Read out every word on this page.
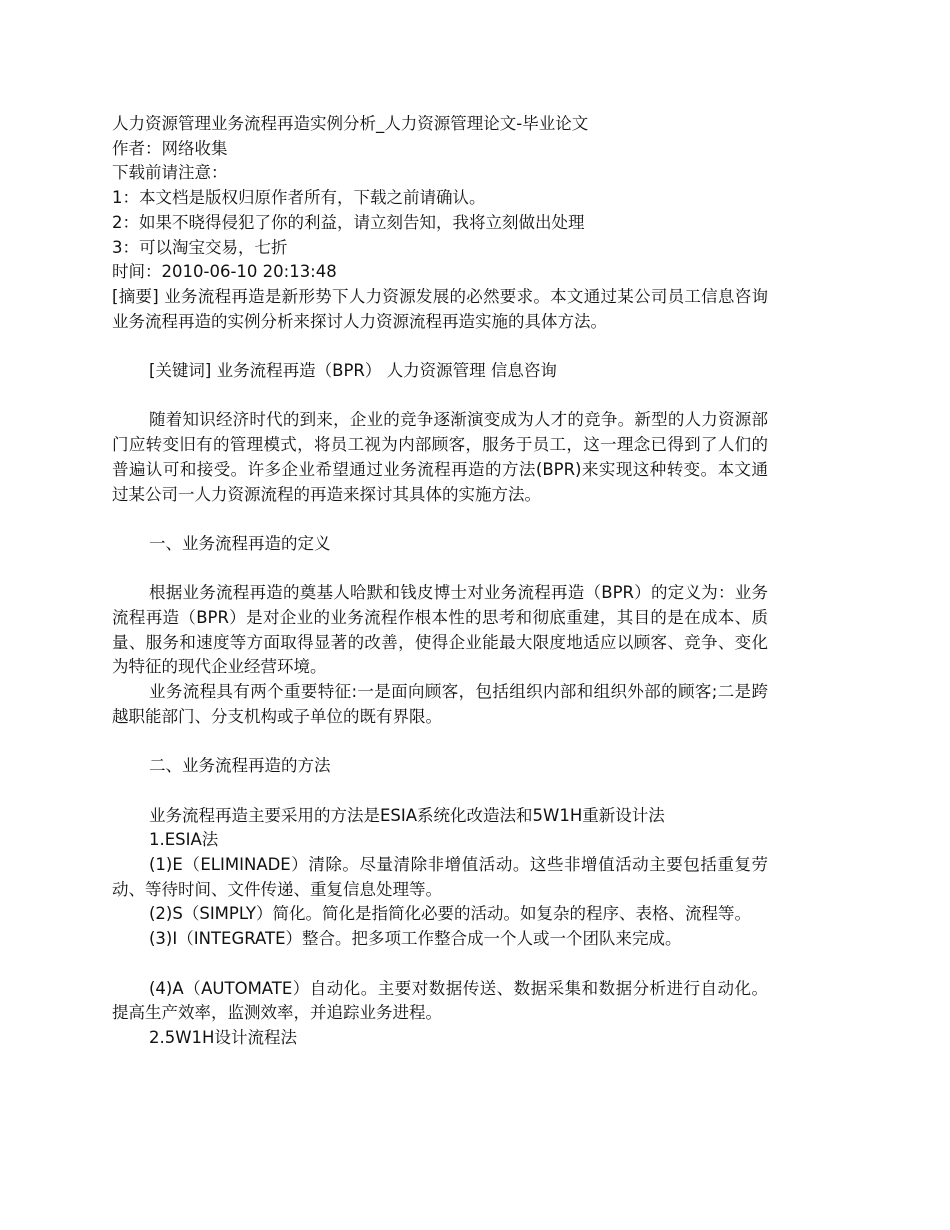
人力资源管理业务流程再造实例分析_人力资源管理论文-毕业论文
作者：网络收集
下载前请注意：
1：本文档是版权归原作者所有，下载之前请确认。
2：如果不晓得侵犯了你的利益，请立刻告知，我将立刻做出处理
3：可以淘宝交易，七折
时间：2010-06-10 20:13:48
[摘要] 业务流程再造是新形势下人力资源发展的必然要求。本文通过某公司员工信息咨询业务流程再造的实例分析来探讨人力资源流程再造实施的具体方法。
[关键词] 业务流程再造（BPR） 人力资源管理 信息咨询
随着知识经济时代的到来，企业的竞争逐渐演变成为人才的竞争。新型的人力资源部门应转变旧有的管理模式，将员工视为内部顾客，服务于员工，这一理念已得到了人们的普遍认可和接受。许多企业希望通过业务流程再造的方法(BPR)来实现这种转变。本文通过某公司一人力资源流程的再造来探讨其具体的实施方法。
一、业务流程再造的定义
根据业务流程再造的奠基人哈默和钱皮博士对业务流程再造（BPR）的定义为：业务流程再造（BPR）是对企业的业务流程作根本性的思考和彻底重建，其目的是在成本、质量、服务和速度等方面取得显著的改善，使得企业能最大限度地适应以顾客、竞争、变化为特征的现代企业经营环境。
业务流程具有两个重要特征:一是面向顾客，包括组织内部和组织外部的顾客;二是跨越职能部门、分支机构或子单位的既有界限。
二、业务流程再造的方法
业务流程再造主要采用的方法是ESIA系统化改造法和5W1H重新设计法
1.ESIA法
(1)E（ELIMINADE）清除。尽量清除非增值活动。这些非增值活动主要包括重复劳动、等待时间、文件传递、重复信息处理等。
(2)S（SIMPLY）简化。简化是指简化必要的活动。如复杂的程序、表格、流程等。
(3)I（INTEGRATE）整合。把多项工作整合成一个人或一个团队来完成。
(4)A（AUTOMATE）自动化。主要对数据传送、数据采集和数据分析进行自动化。提高生产效率，监测效率，并追踪业务进程。
2.5W1H设计流程法
